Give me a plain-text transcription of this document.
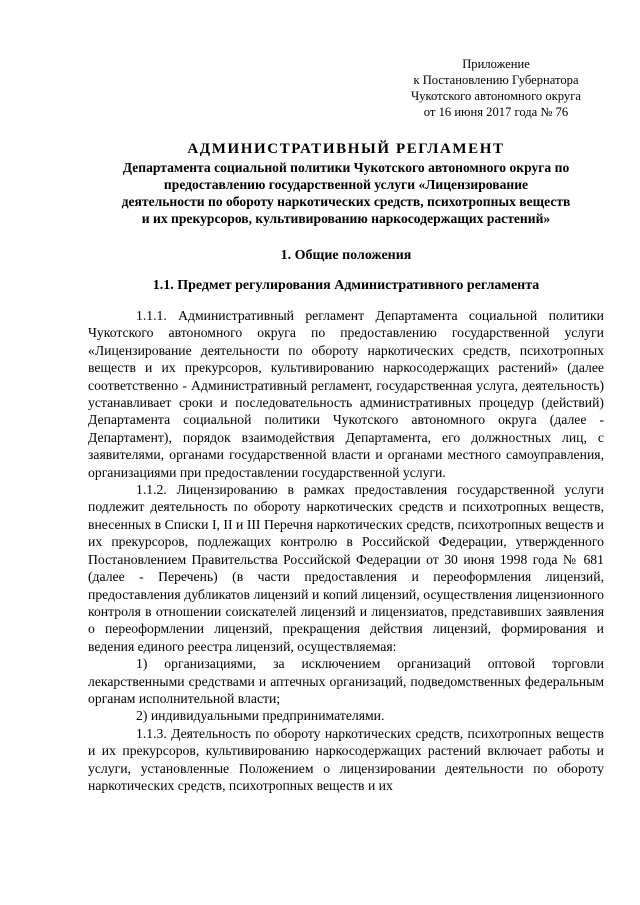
Приложение
к Постановлению Губернатора
Чукотского автономного округа
от 16 июня 2017 года № 76
АДМИНИСТРАТИВНЫЙ РЕГЛАМЕНТ
Департамента социальной политики Чукотского автономного округа по
предоставлению государственной услуги «Лицензирование
деятельности по обороту наркотических средств, психотропных веществ
и их прекурсоров, культивированию наркосодержащих растений»
1. Общие положения
1.1. Предмет регулирования Административного регламента

1.1.1. Административный регламент Департамента социальной политики Чукотского автономного округа по предоставлению государственной услуги «Лицензирование деятельности по обороту наркотических средств, психотропных веществ и их прекурсоров, культивированию наркосодержащих растений» (далее соответственно - Административный регламент, государственная услуга, деятельность) устанавливает сроки и последовательность административных процедур (действий) Департамента социальной политики Чукотского автономного округа (далее - Департамент), порядок взаимодействия Департамента, его должностных лиц, с заявителями, органами государственной власти и органами местного самоуправления, организациями при предоставлении государственной услуги.

1.1.2. Лицензированию в рамках предоставления государственной услуги подлежит деятельность по обороту наркотических средств и психотропных веществ, внесенных в Списки I, II и III Перечня наркотических средств, психотропных веществ и их прекурсоров, подлежащих контролю в Российской Федерации, утвержденного Постановлением Правительства Российской Федерации от 30 июня 1998 года № 681 (далее - Перечень) (в части предоставления и переоформления лицензий, предоставления дубликатов лицензий и копий лицензий, осуществления лицензионного контроля в отношении соискателей лицензий и лицензиатов, представивших заявления о переоформлении лицензий, прекращения действия лицензий, формирования и ведения единого реестра лицензий, осуществляемая:

1) организациями, за исключением организаций оптовой торговли лекарственными средствами и аптечных организаций, подведомственных федеральным органам исполнительной власти;

2) индивидуальными предпринимателями.

1.1.3. Деятельность по обороту наркотических средств, психотропных веществ и их прекурсоров, культивированию наркосодержащих растений включает работы и услуги, установленные Положением о лицензировании деятельности по обороту наркотических средств, психотропных веществ и их
